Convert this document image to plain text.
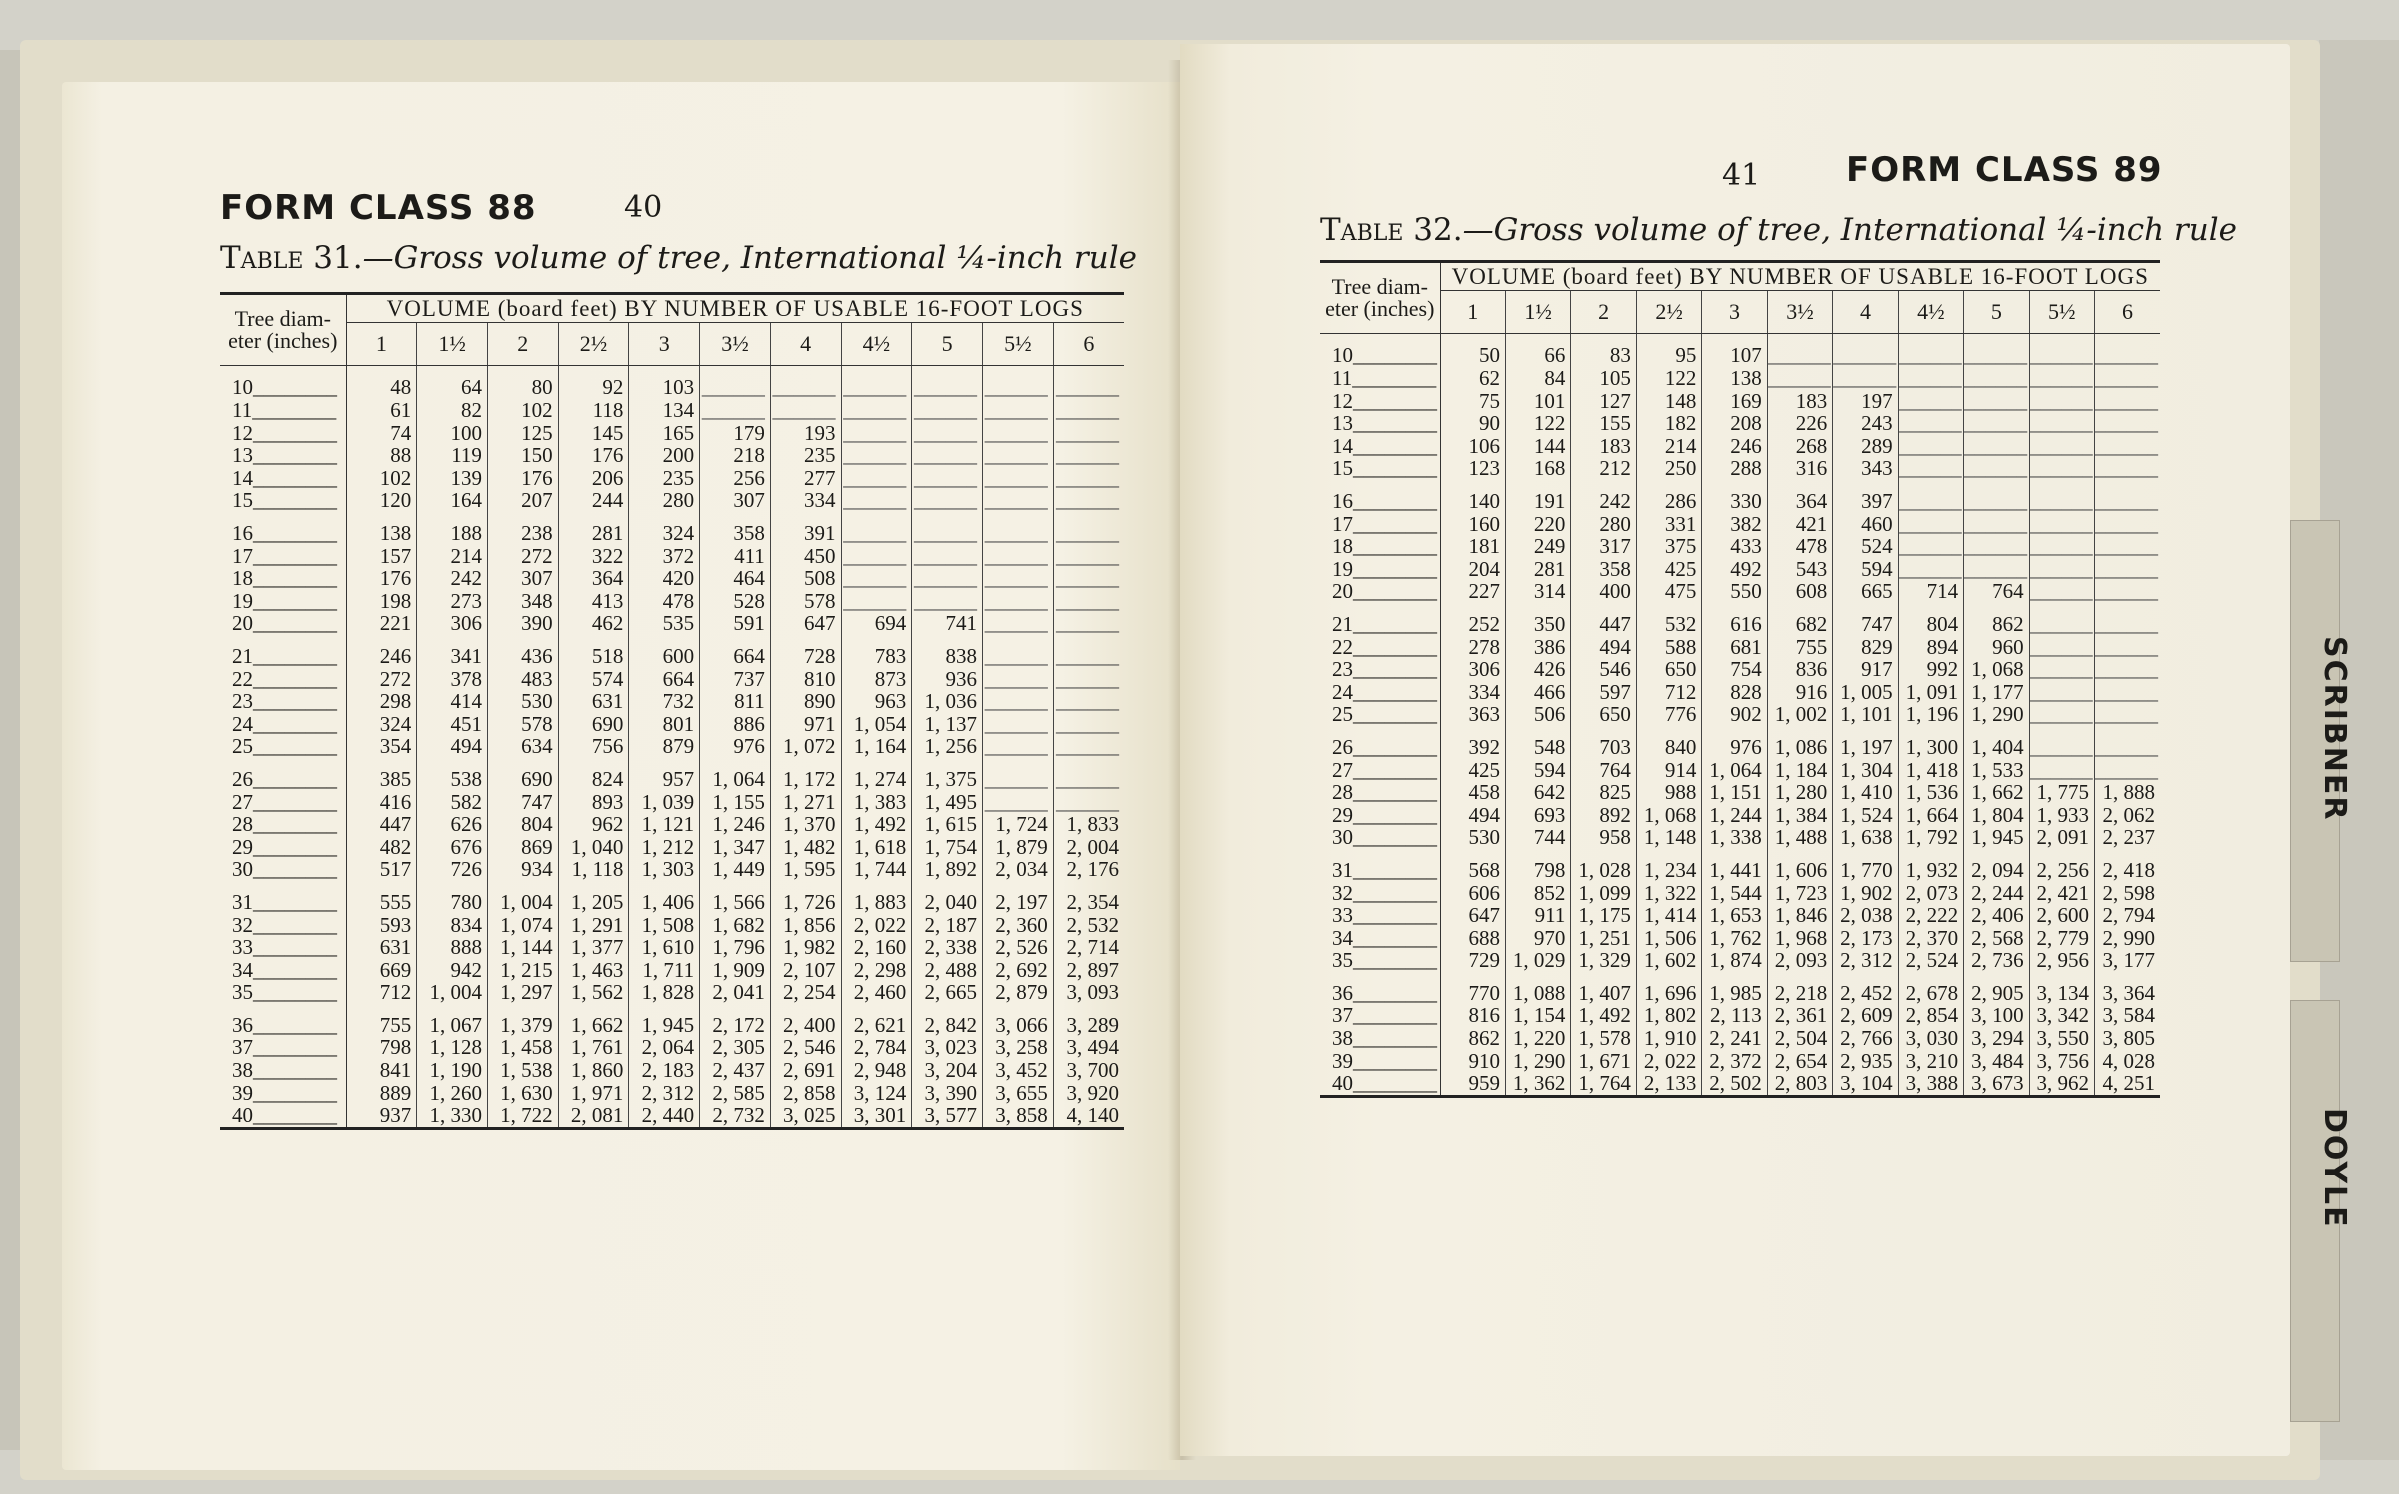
FORM CLASS 88	40
Table 31.—Gross volume of tree, International ¼-inch rule
Tree diam-eter (inches)	VOLUME (board feet) BY NUMBER OF USABLE 16-FOOT LOGS										
	1	1½	2	2½	3	3½	4	4½	5	5½	6
10________	48	64	80	92	103	______	______	______	______	______	______
11________	61	82	102	118	134	______	______	______	______	______	______
12________	74	100	125	145	165	179	193	______	______	______	______
13________	88	119	150	176	200	218	235	______	______	______	______
14________	102	139	176	206	235	256	277	______	______	______	______
15________	120	164	207	244	280	307	334	______	______	______	______
16________	138	188	238	281	324	358	391	______	______	______	______
17________	157	214	272	322	372	411	450	______	______	______	______
18________	176	242	307	364	420	464	508	______	______	______	______
19________	198	273	348	413	478	528	578	______	______	______	______
20________	221	306	390	462	535	591	647	694	741	______	______
21________	246	341	436	518	600	664	728	783	838	______	______
22________	272	378	483	574	664	737	810	873	936	______	______
23________	298	414	530	631	732	811	890	963	1, 036	______	______
24________	324	451	578	690	801	886	971	1, 054	1, 137	______	______
25________	354	494	634	756	879	976	1, 072	1, 164	1, 256	______	______
26________	385	538	690	824	957	1, 064	1, 172	1, 274	1, 375	______	______
27________	416	582	747	893	1, 039	1, 155	1, 271	1, 383	1, 495	______	______
28________	447	626	804	962	1, 121	1, 246	1, 370	1, 492	1, 615	1, 724	1, 833
29________	482	676	869	1, 040	1, 212	1, 347	1, 482	1, 618	1, 754	1, 879	2, 004
30________	517	726	934	1, 118	1, 303	1, 449	1, 595	1, 744	1, 892	2, 034	2, 176
31________	555	780	1, 004	1, 205	1, 406	1, 566	1, 726	1, 883	2, 040	2, 197	2, 354
32________	593	834	1, 074	1, 291	1, 508	1, 682	1, 856	2, 022	2, 187	2, 360	2, 532
33________	631	888	1, 144	1, 377	1, 610	1, 796	1, 982	2, 160	2, 338	2, 526	2, 714
34________	669	942	1, 215	1, 463	1, 711	1, 909	2, 107	2, 298	2, 488	2, 692	2, 897
35________	712	1, 004	1, 297	1, 562	1, 828	2, 041	2, 254	2, 460	2, 665	2, 879	3, 093
36________	755	1, 067	1, 379	1, 662	1, 945	2, 172	2, 400	2, 621	2, 842	3, 066	3, 289
37________	798	1, 128	1, 458	1, 761	2, 064	2, 305	2, 546	2, 784	3, 023	3, 258	3, 494
38________	841	1, 190	1, 538	1, 860	2, 183	2, 437	2, 691	2, 948	3, 204	3, 452	3, 700
39________	889	1, 260	1, 630	1, 971	2, 312	2, 585	2, 858	3, 124	3, 390	3, 655	3, 920
40________	937	1, 330	1, 722	2, 081	2, 440	2, 732	3, 025	3, 301	3, 577	3, 858	4, 140
41	FORM CLASS 89
Table 32.—Gross volume of tree, International ¼-inch rule
Tree diam-eter (inches)	VOLUME (board feet) BY NUMBER OF USABLE 16-FOOT LOGS										
	1	1½	2	2½	3	3½	4	4½	5	5½	6
10________	50	66	83	95	107	______	______	______	______	______	______
11________	62	84	105	122	138	______	______	______	______	______	______
12________	75	101	127	148	169	183	197	______	______	______	______
13________	90	122	155	182	208	226	243	______	______	______	______
14________	106	144	183	214	246	268	289	______	______	______	______
15________	123	168	212	250	288	316	343	______	______	______	______
16________	140	191	242	286	330	364	397	______	______	______	______
17________	160	220	280	331	382	421	460	______	______	______	______
18________	181	249	317	375	433	478	524	______	______	______	______
19________	204	281	358	425	492	543	594	______	______	______	______
20________	227	314	400	475	550	608	665	714	764	______	______
21________	252	350	447	532	616	682	747	804	862	______	______
22________	278	386	494	588	681	755	829	894	960	______	______
23________	306	426	546	650	754	836	917	992	1, 068	______	______
24________	334	466	597	712	828	916	1, 005	1, 091	1, 177	______	______
25________	363	506	650	776	902	1, 002	1, 101	1, 196	1, 290	______	______
26________	392	548	703	840	976	1, 086	1, 197	1, 300	1, 404	______	______
27________	425	594	764	914	1, 064	1, 184	1, 304	1, 418	1, 533	______	______
28________	458	642	825	988	1, 151	1, 280	1, 410	1, 536	1, 662	1, 775	1, 888
29________	494	693	892	1, 068	1, 244	1, 384	1, 524	1, 664	1, 804	1, 933	2, 062
30________	530	744	958	1, 148	1, 338	1, 488	1, 638	1, 792	1, 945	2, 091	2, 237
31________	568	798	1, 028	1, 234	1, 441	1, 606	1, 770	1, 932	2, 094	2, 256	2, 418
32________	606	852	1, 099	1, 322	1, 544	1, 723	1, 902	2, 073	2, 244	2, 421	2, 598
33________	647	911	1, 175	1, 414	1, 653	1, 846	2, 038	2, 222	2, 406	2, 600	2, 794
34________	688	970	1, 251	1, 506	1, 762	1, 968	2, 173	2, 370	2, 568	2, 779	2, 990
35________	729	1, 029	1, 329	1, 602	1, 874	2, 093	2, 312	2, 524	2, 736	2, 956	3, 177
36________	770	1, 088	1, 407	1, 696	1, 985	2, 218	2, 452	2, 678	2, 905	3, 134	3, 364
37________	816	1, 154	1, 492	1, 802	2, 113	2, 361	2, 609	2, 854	3, 100	3, 342	3, 584
38________	862	1, 220	1, 578	1, 910	2, 241	2, 504	2, 766	3, 030	3, 294	3, 550	3, 805
39________	910	1, 290	1, 671	2, 022	2, 372	2, 654	2, 935	3, 210	3, 484	3, 756	4, 028
40________	959	1, 362	1, 764	2, 133	2, 502	2, 803	3, 104	3, 388	3, 673	3, 962	4, 251
SCRIBNER
DOYLE
